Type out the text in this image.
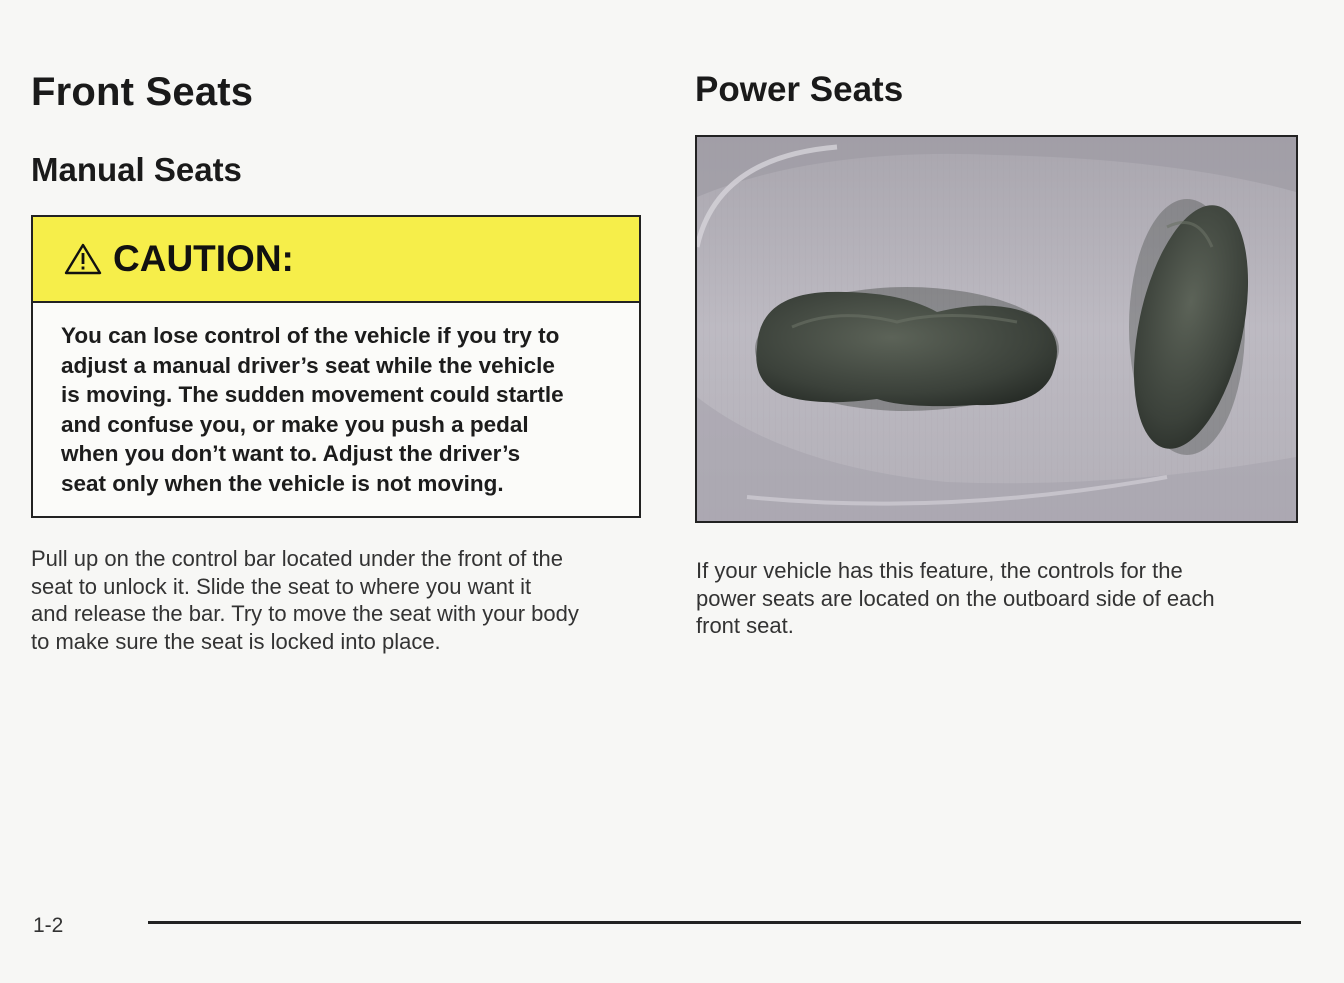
Front Seats
Manual Seats
CAUTION:
You can lose control of the vehicle if you try to
adjust a manual driver’s seat while the vehicle
is moving. The sudden movement could startle
and confuse you, or make you push a pedal
when you don’t want to. Adjust the driver’s
seat only when the vehicle is not moving.
Pull up on the control bar located under the front of the
seat to unlock it. Slide the seat to where you want it
and release the bar. Try to move the seat with your body
to make sure the seat is locked into place.
Power Seats
If your vehicle has this feature, the controls for the
power seats are located on the outboard side of each
front seat.
1-2
